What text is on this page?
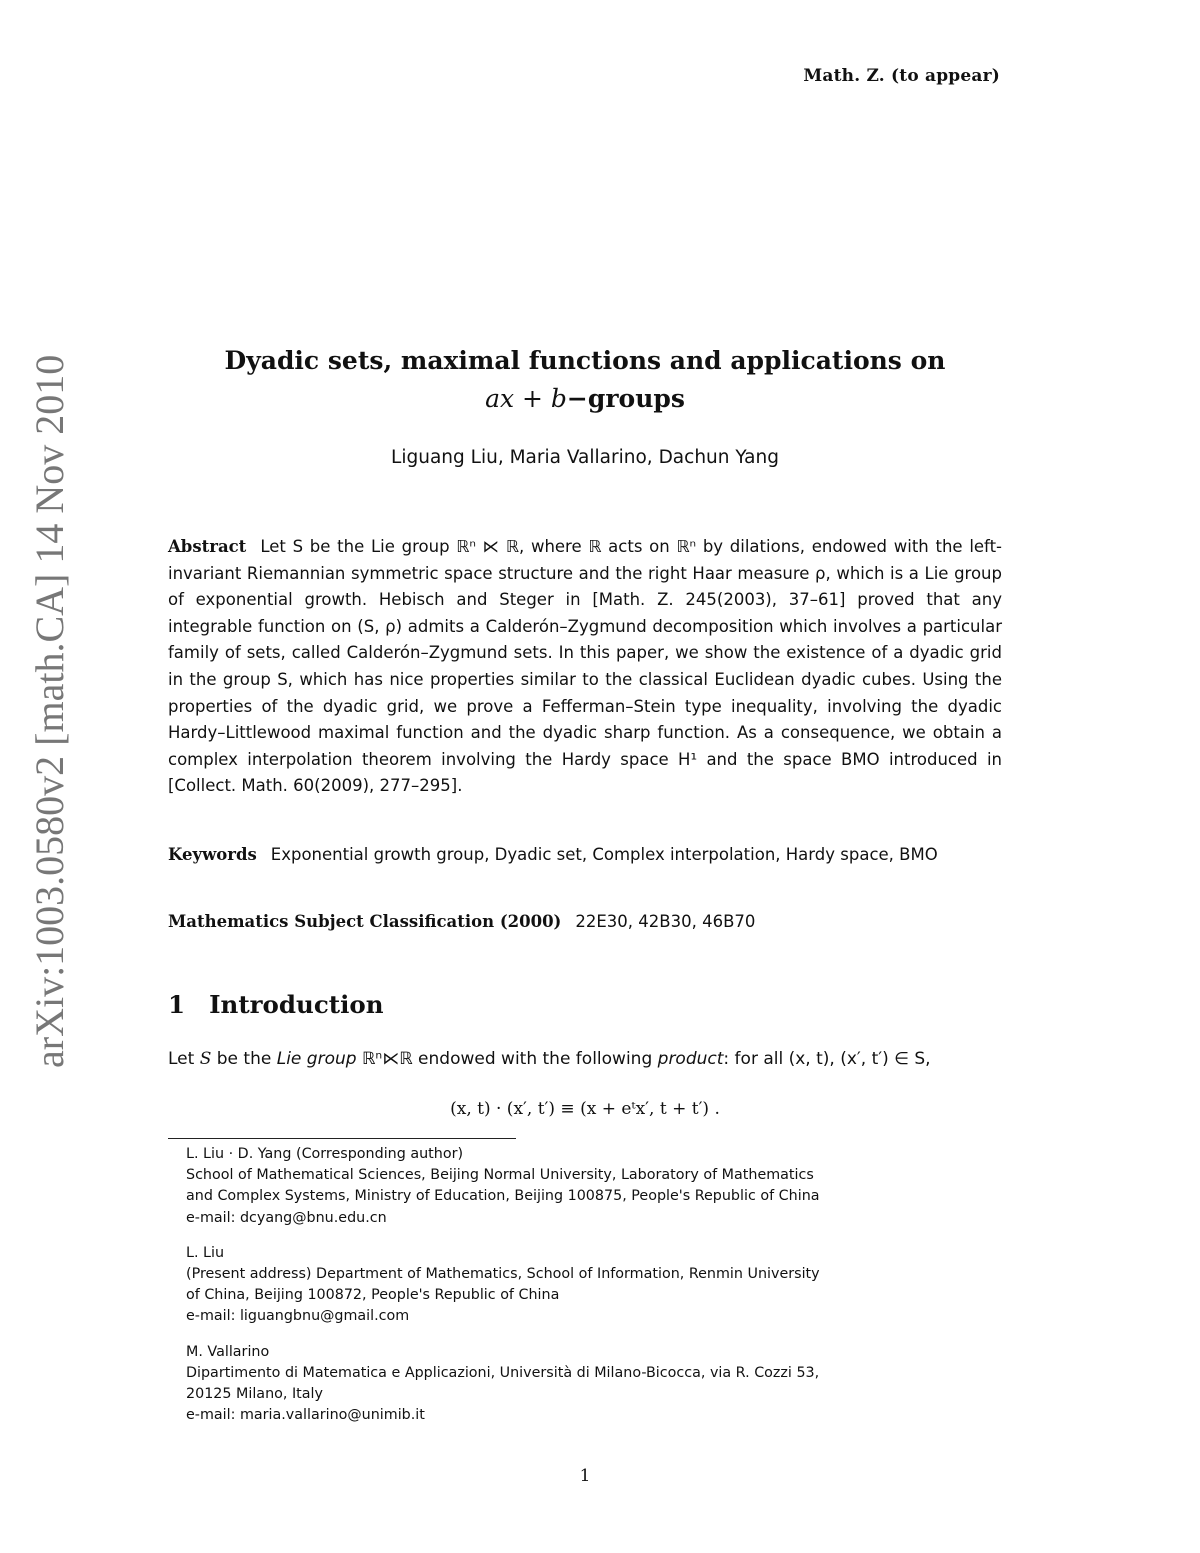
Math. Z. (to appear)
arXiv:1003.0580v2 [math.CA] 14 Nov 2010	Dyadic sets, maximal functions and applications on
ax + b−groups
Liguang Liu, Maria Vallarino, Dachun Yang
Abstract Let S be the Lie group ℝⁿ ⋉ ℝ, where ℝ acts on ℝⁿ by dilations, endowed with the left-invariant Riemannian symmetric space structure and the right Haar measure ρ, which is a Lie group of exponential growth. Hebisch and Steger in [Math. Z. 245(2003), 37–61] proved that any integrable function on (S, ρ) admits a Calderón–Zygmund decomposition which involves a particular family of sets, called Calderón–Zygmund sets. In this paper, we show the existence of a dyadic grid in the group S, which has nice properties similar to the classical Euclidean dyadic cubes. Using the properties of the dyadic grid, we prove a Fefferman–Stein type inequality, involving the dyadic Hardy–Littlewood maximal function and the dyadic sharp function. As a consequence, we obtain a complex interpolation theorem involving the Hardy space H¹ and the space BMO introduced in [Collect. Math. 60(2009), 277–295].
Keywords Exponential growth group, Dyadic set, Complex interpolation, Hardy space, BMO
Mathematics Subject Classification (2000) 22E30, 42B30, 46B70
1 Introduction
Let S be the Lie group ℝⁿ⋉ℝ endowed with the following product: for all (x, t), (x′, t′) ∈ S,
(x, t) · (x′, t′) ≡ (x + eᵗx′, t + t′) .
L. Liu · D. Yang (Corresponding author)
School of Mathematical Sciences, Beijing Normal University, Laboratory of Mathematics
and Complex Systems, Ministry of Education, Beijing 100875, People's Republic of China
e-mail: dcyang@bnu.edu.cn
L. Liu
(Present address) Department of Mathematics, School of Information, Renmin University
of China, Beijing 100872, People's Republic of China
e-mail: liguangbnu@gmail.com
M. Vallarino
Dipartimento di Matematica e Applicazioni, Università di Milano-Bicocca, via R. Cozzi 53,
20125 Milano, Italy
e-mail: maria.vallarino@unimib.it
1
